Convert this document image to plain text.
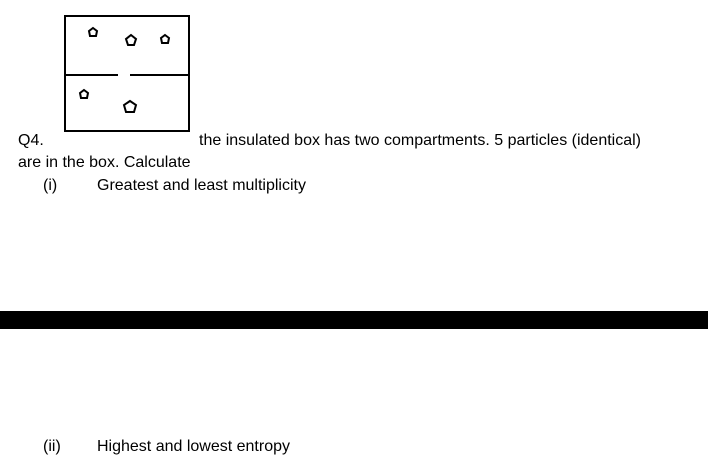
Q4.	the insulated box has two compartments. 5 particles (identical)
are in the box. Calculate
(i) Greatest and least multiplicity
(ii) Highest and lowest entropy
